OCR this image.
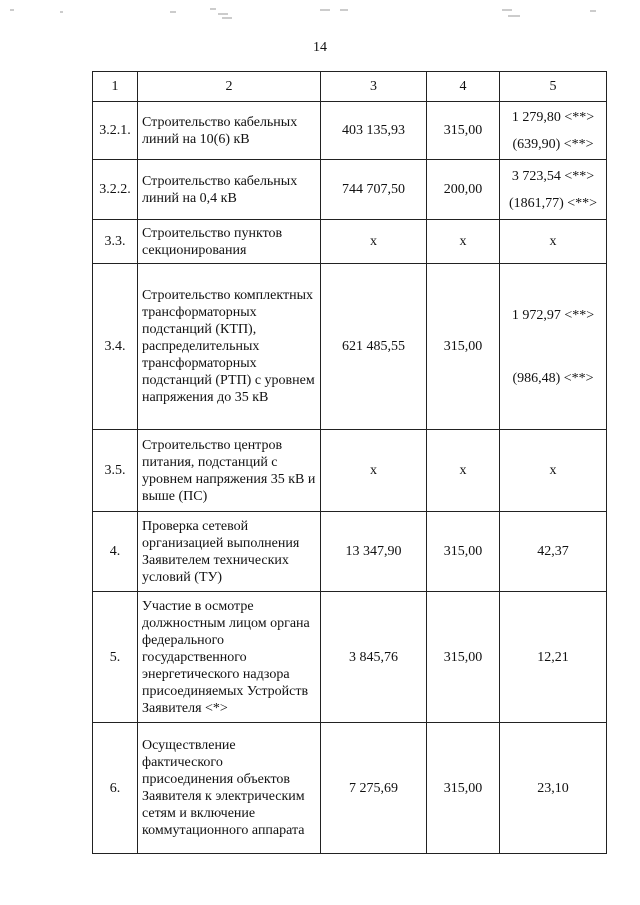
14
1	2	3	4	5
3.2.1.	Строительство кабельных линий на 10(6) кВ	403 135,93	315,00	1 279,80 <**>
(639,90) <**>

3.2.2.	Строительство кабельных линий на 0,4 кВ	744 707,50	200,00	3 723,54 <**>
(1861,77) <**>

3.3.	Строительство пунктов секционирования	x	x	x
3.4.	Строительство комплектных трансформаторных подстанций (КТП), распределительных трансформаторных подстанций (РТП) с уровнем напряжения до 35 кВ	621 485,55	315,00	1 972,97 <**>
(986,48) <**>

3.5.	Строительство центров питания, подстанций с уровнем напряжения 35 кВ и выше (ПС)	x	x	x
4.	Проверка сетевой организацией выполнения Заявителем технических условий (ТУ)	13 347,90	315,00	42,37
5.	Участие в осмотре должностным лицом органа федерального государственного энергетического надзора присоединяемых Устройств Заявителя <*>	3 845,76	315,00	12,21
6.	Осуществление фактического присоединения объектов Заявителя к электрическим сетям и включение коммутационного аппарата	7 275,69	315,00	23,10
